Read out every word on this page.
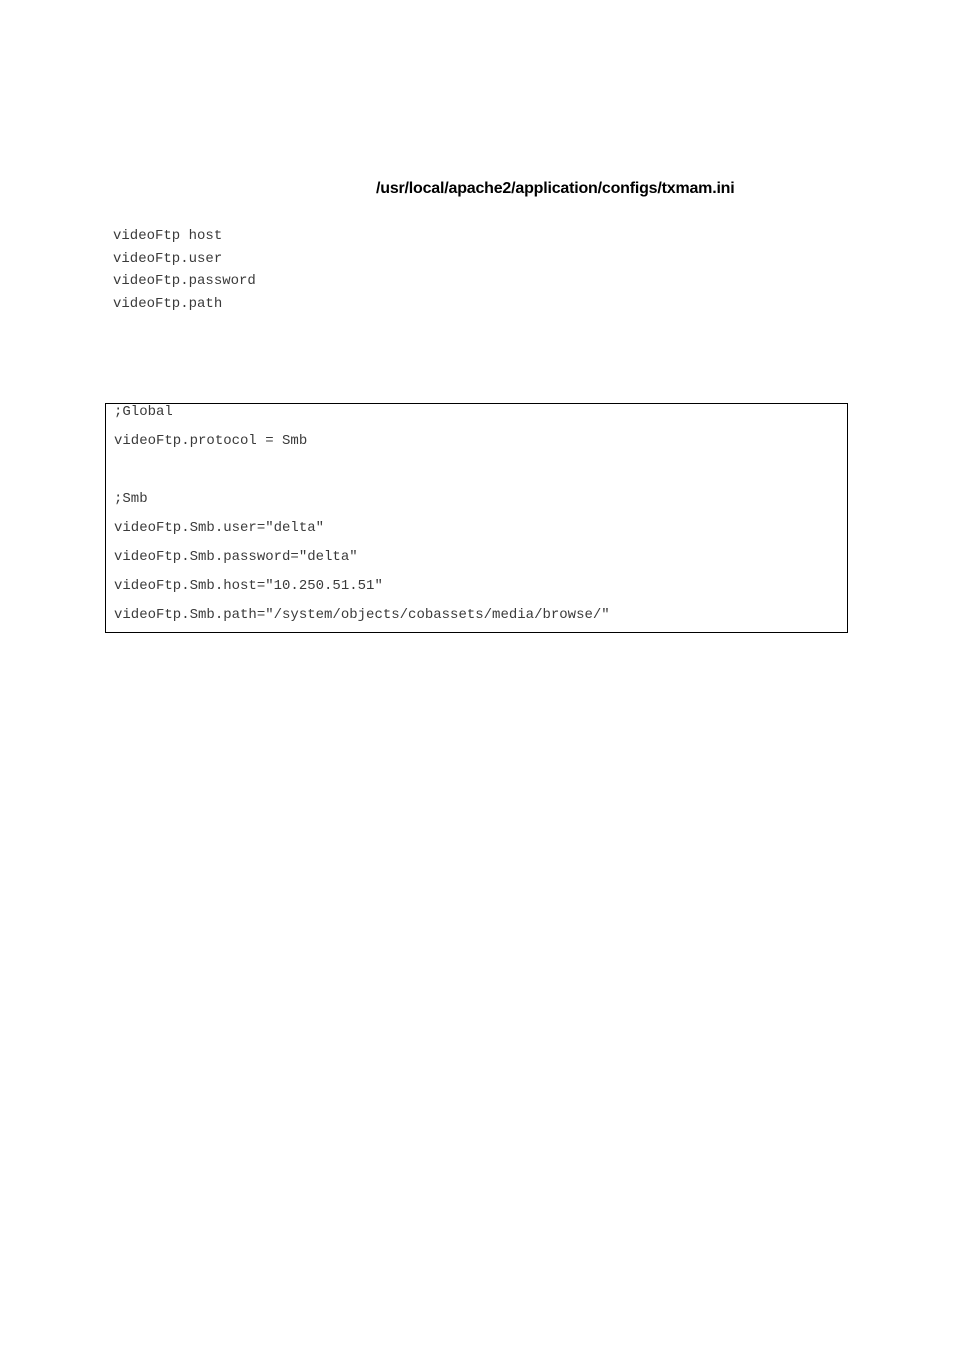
/usr/local/apache2/application/configs/txmam.ini
videoFtp host
videoFtp.user
videoFtp.password
videoFtp.path
;Global
videoFtp.protocol = Smb
;Smb
videoFtp.Smb.user="delta"
videoFtp.Smb.password="delta"
videoFtp.Smb.host="10.250.51.51"
videoFtp.Smb.path="/system/objects/cobassets/media/browse/"
